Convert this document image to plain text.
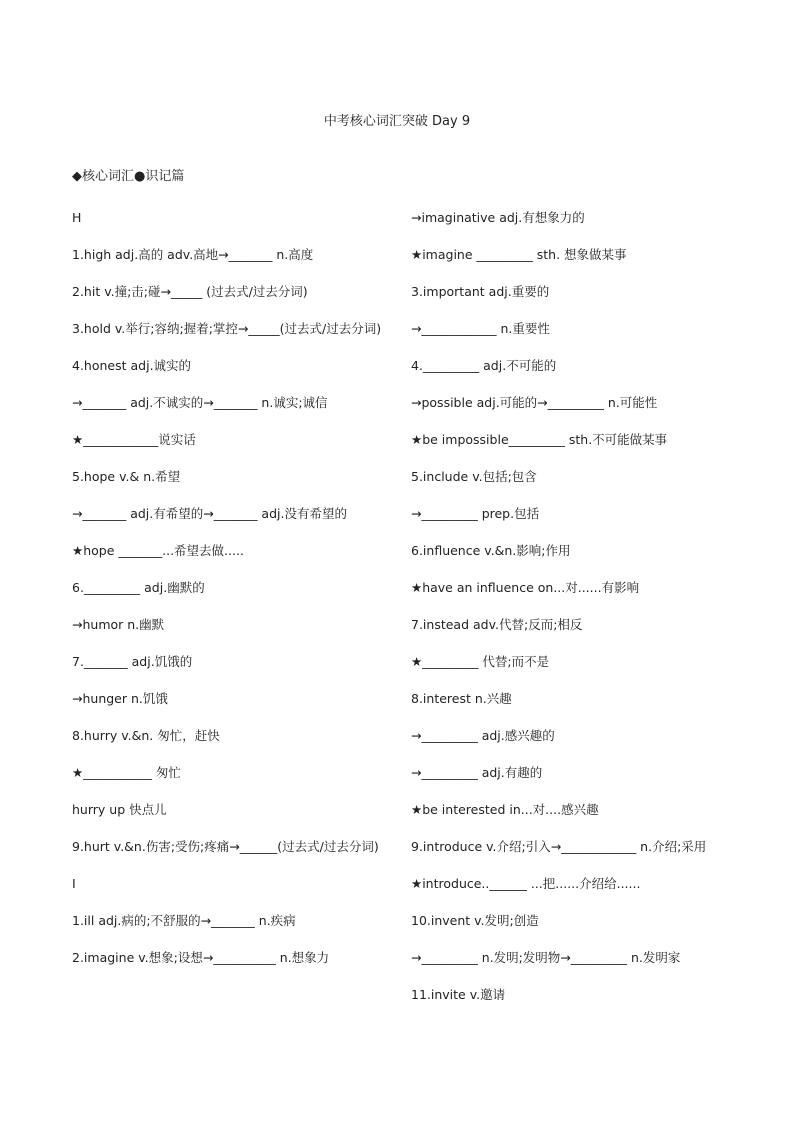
中考核心词汇突破 Day 9
◆核心词汇●识记篇
H
1.high adj.高的 adv.高地→_______ n.高度
2.hit v.撞;击;碰→_____ (过去式/过去分词)
3.hold v.举行;容纳;握着;掌控→_____(过去式/过去分词)
4.honest adj.诚实的
→_______ adj.不诚实的→_______ n.诚实;诚信
★____________说实话
5.hope v.& n.希望
→_______ adj.有希望的→_______ adj.没有希望的
★hope _______...希望去做.....
6._________ adj.幽默的
→humor n.幽默
7._______ adj.饥饿的
→hunger n.饥饿
8.hurry v.&n. 匆忙，赶快
★___________ 匆忙
hurry up 快点儿
9.hurt v.&n.伤害;受伤;疼痛→______(过去式/过去分词)
I
1.ill adj.病的;不舒服的→_______ n.疾病
2.imagine v.想象;设想→__________ n.想象力
→imaginative adj.有想象力的
★imagine _________ sth. 想象做某事
3.important adj.重要的
→____________ n.重要性
4._________ adj.不可能的
→possible adj.可能的→_________ n.可能性
★be impossible_________ sth.不可能做某事
5.include v.包括;包含
→_________ prep.包括
6.influence v.&n.影响;作用
★have an influence on...对......有影响
7.instead adv.代替;反而;相反
★_________ 代替;而不是
8.interest n.兴趣
→_________ adj.感兴趣的
→_________ adj.有趣的
★be interested in...对....感兴趣
9.introduce v.介绍;引入→____________ n.介绍;采用
★introduce..______ ...把......介绍给......
10.invent v.发明;创造
→_________ n.发明;发明物→_________ n.发明家
11.invite v.邀请
